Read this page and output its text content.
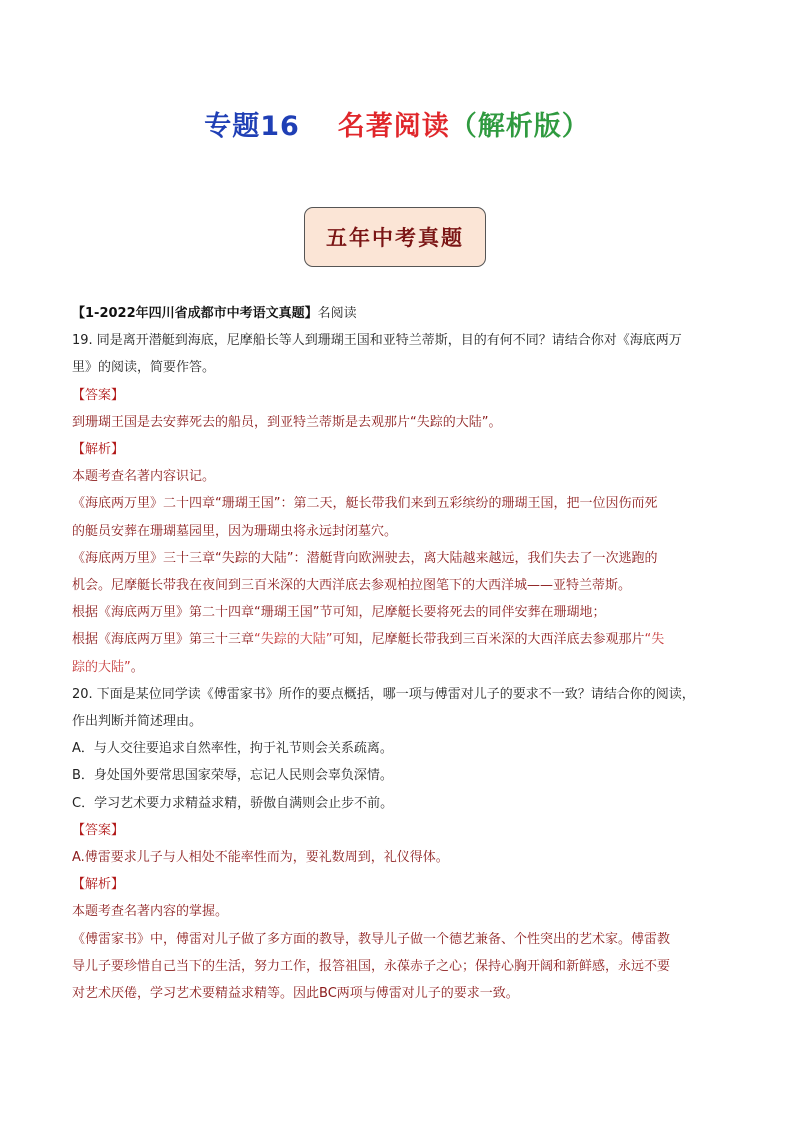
专题16 名著阅读（解析版）
五年中考真题

【1-2022年四川省成都市中考语文真题】名阅读

19. 同是离开潜艇到海底，尼摩船长等人到珊瑚王国和亚特兰蒂斯，目的有何不同？请结合你对《海底两万

里》的阅读，简要作答。

【答案】

到珊瑚王国是去安葬死去的船员，到亚特兰蒂斯是去观那片“失踪的大陆”。

【解析】

本题考查名著内容识记。

《海底两万里》二十四章“珊瑚王国”：第二天，艇长带我们来到五彩缤纷的珊瑚王国，把一位因伤而死

的艇员安葬在珊瑚墓园里，因为珊瑚虫将永远封闭墓穴。

《海底两万里》三十三章“失踪的大陆”：潜艇背向欧洲驶去，离大陆越来越远，我们失去了一次逃跑的

机会。尼摩艇长带我在夜间到三百米深的大西洋底去参观柏拉图笔下的大西洋城——亚特兰蒂斯。

根据《海底两万里》第二十四章“珊瑚王国”节可知，尼摩艇长要将死去的同伴安葬在珊瑚地；

根据《海底两万里》第三十三章“失踪的大陆”可知，尼摩艇长带我到三百米深的大西洋底去参观那片“失

踪的大陆”。

20. 下面是某位同学读《傅雷家书》所作的要点概括，哪一项与傅雷对儿子的要求不一致？请结合你的阅读，

作出判断并简述理由。

A．与人交往要追求自然率性，拘于礼节则会关系疏离。

B．身处国外要常思国家荣辱，忘记人民则会辜负深情。

C．学习艺术要力求精益求精，骄傲自满则会止步不前。

【答案】

A.傅雷要求儿子与人相处不能率性而为，要礼数周到，礼仪得体。

【解析】

本题考查名著内容的掌握。

《傅雷家书》中，傅雷对儿子做了多方面的教导，教导儿子做一个德艺兼备、个性突出的艺术家。傅雷教

导儿子要珍惜自己当下的生活，努力工作，报答祖国，永葆赤子之心；保持心胸开阔和新鲜感，永远不要

对艺术厌倦，学习艺术要精益求精等。因此BC两项与傅雷对儿子的要求一致。
